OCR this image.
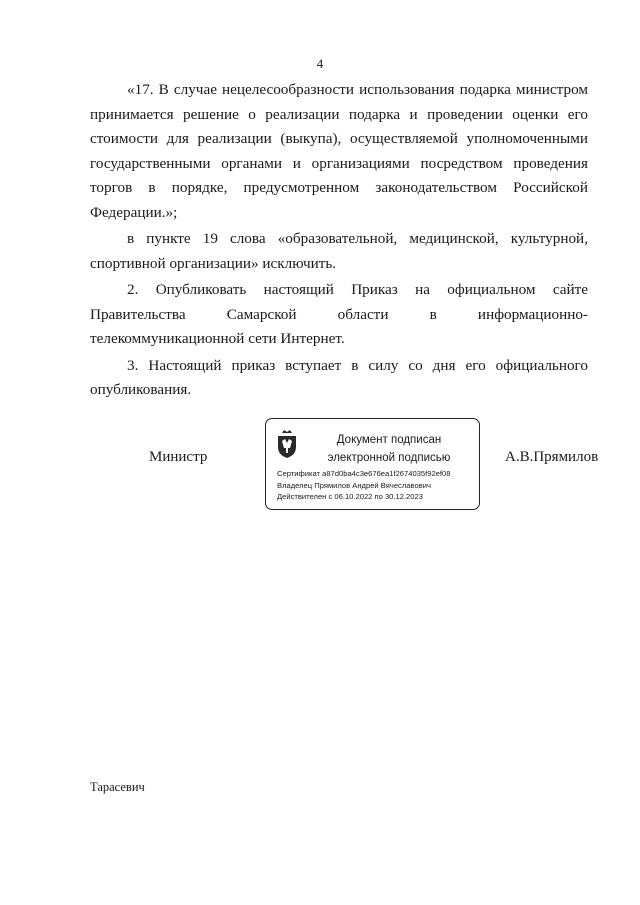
4

«17. В случае нецелесообразности использования подарка министром принимается решение о реализации подарка и проведении оценки его стоимости для реализации (выкупа), осуществляемой уполномоченными государственными органами и организациями посредством проведения торгов в порядке, предусмотренном законодательством Российской Федерации.»;

в пункте 19 слова «образовательной, медицинской, культурной, спортивной организации» исключить.

2. Опубликовать настоящий Приказ на официальном сайте Правительства Самарской области в информационно-телекоммуникационной сети Интернет.

3. Настоящий приказ вступает в силу со дня его официального опубликования.

Министр
Документ подписан
электронной подписью
Сертификат a87d0ba4c3e676ea1f2674035f92ef08
Владелец Прямилов Андрей Вячеславович
Действителен с 06.10.2022 по 30.12.2023
А.В.Прямилов
Тарасевич
